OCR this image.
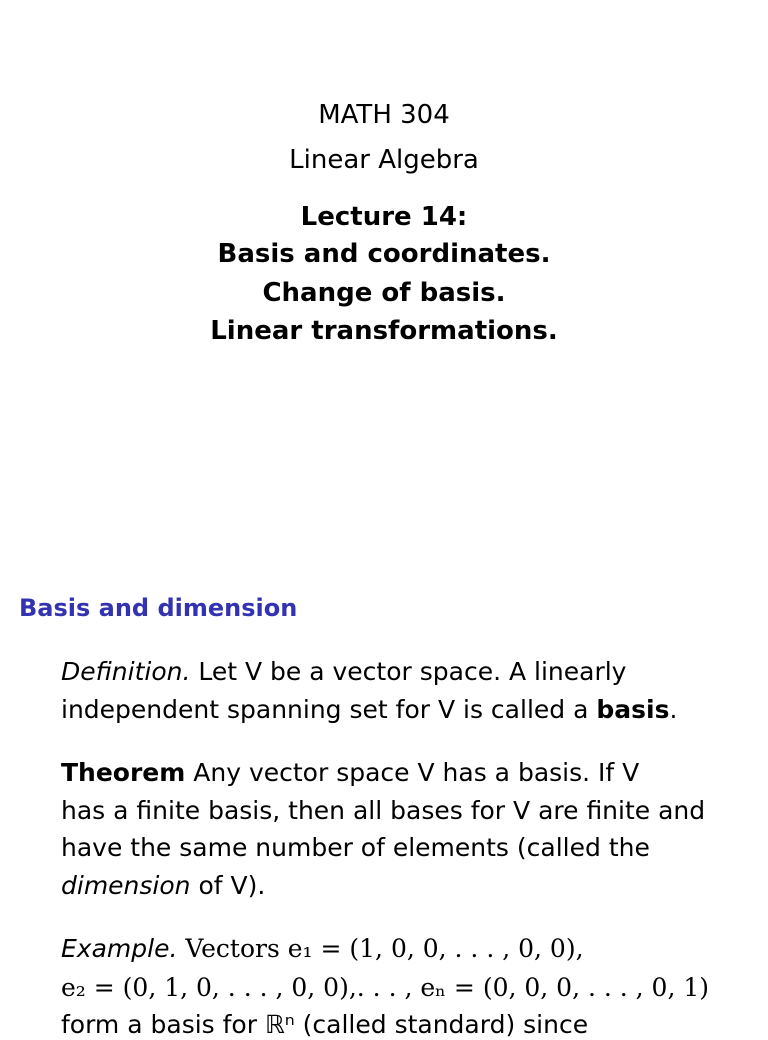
MATH 304
Linear Algebra
Lecture 14:
Basis and coordinates.
Change of basis.
Linear transformations.
Basis and dimension
Definition. Let V be a vector space. A linearly
independent spanning set for V is called a basis.
Theorem Any vector space V has a basis. If V
has a finite basis, then all bases for V are finite and
have the same number of elements (called the
dimension of V).
Example. Vectors e₁ = (1, 0, 0, . . . , 0, 0),
e₂ = (0, 1, 0, . . . , 0, 0),. . . , eₙ = (0, 0, 0, . . . , 0, 1)
form a basis for ℝⁿ (called standard) since
